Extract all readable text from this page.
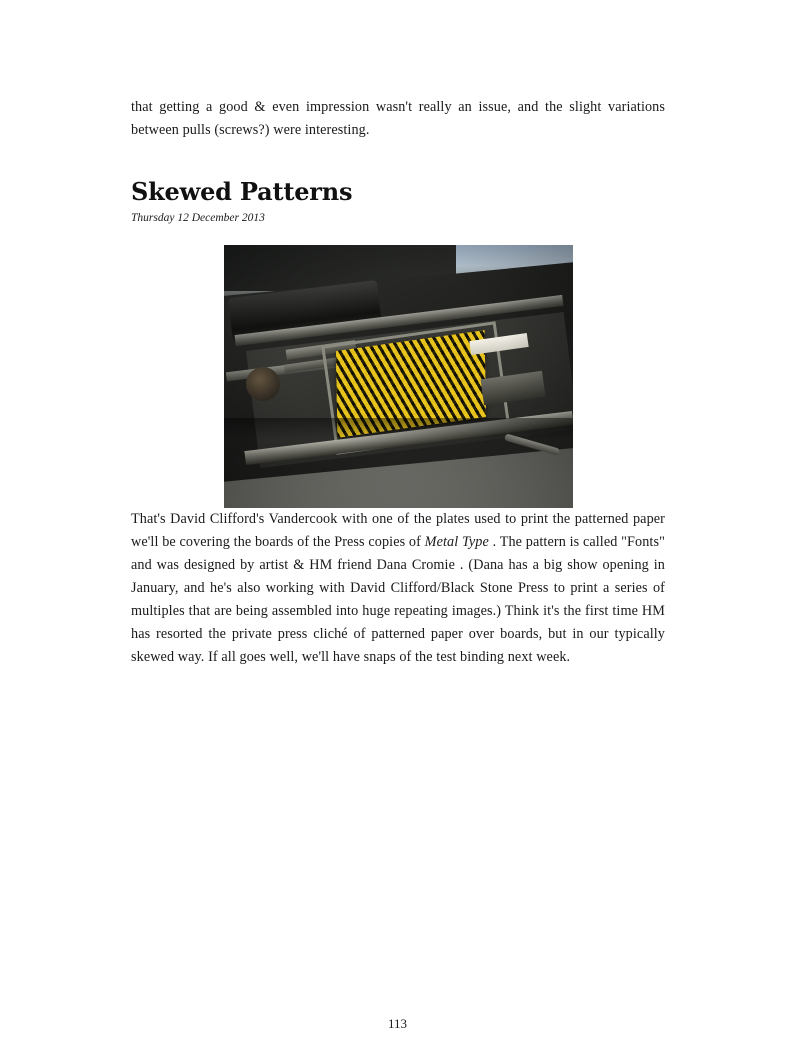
that getting a good & even impression wasn't really an issue, and the slight variations between pulls (screws?) were interesting.

Skewed Patterns
Thursday 12 December 2013

That's David Clifford's Vandercook with one of the plates used to print the patterned paper we'll be covering the boards of the Press copies of Metal Type . The pattern is called "Fonts" and was designed by artist & HM friend Dana Cromie . (Dana has a big show opening in January, and he's also working with David Clifford/Black Stone Press to print a series of multiples that are being assembled into huge repeating images.) Think it's the first time HM has resorted the private press cliché of patterned paper over boards, but in our typically skewed way. If all goes well, we'll have snaps of the test binding next week.

113
